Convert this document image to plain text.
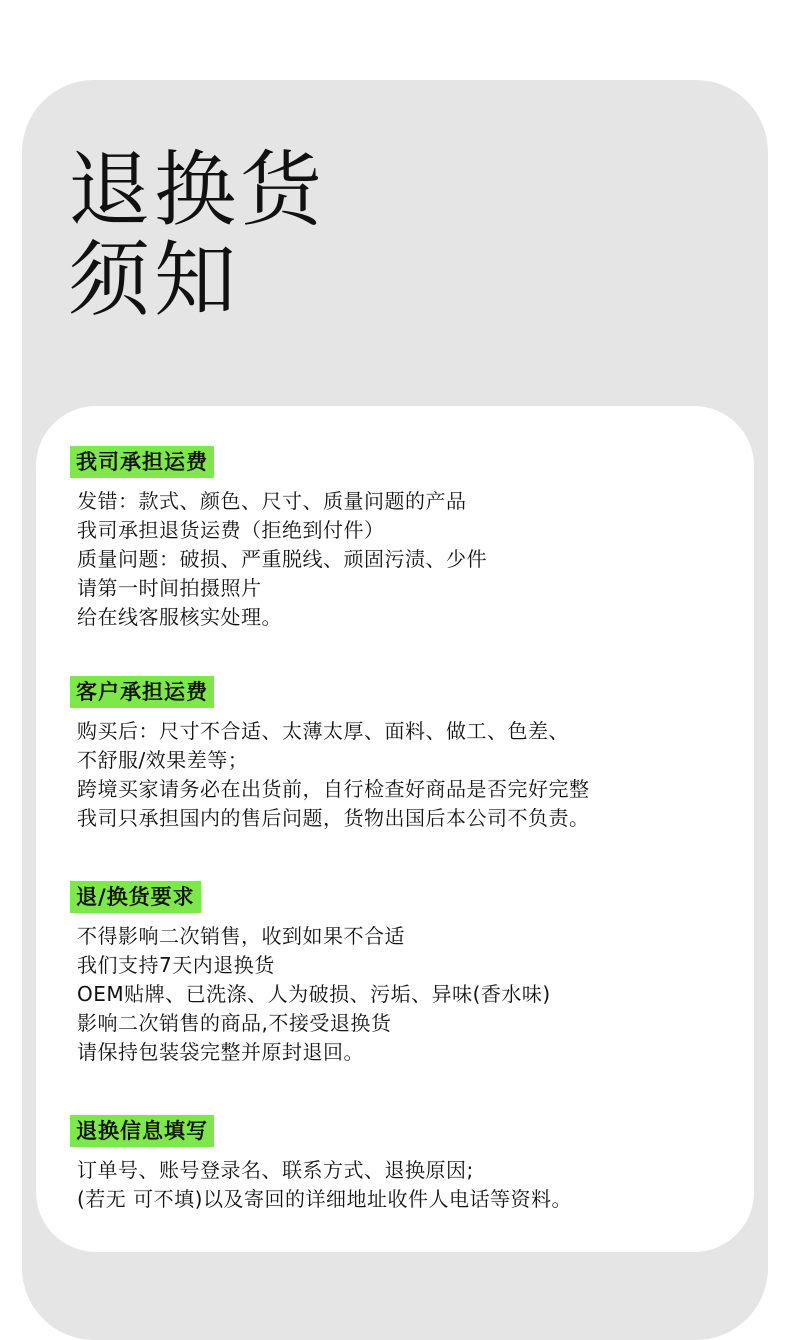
退换货
须知
我司承担运费
发错：款式、颜色、尺寸、质量问题的产品
我司承担退货运费（拒绝到付件）
质量问题：破损、严重脱线、顽固污渍、少件
请第一时间拍摄照片
给在线客服核实处理。
客户承担运费
购买后：尺寸不合适、太薄太厚、面料、做工、色差、
不舒服/效果差等；
跨境买家请务必在出货前，自行检查好商品是否完好完整
我司只承担国内的售后问题，货物出国后本公司不负责。
退/换货要求
不得影响二次销售，收到如果不合适
我们支持7天内退换货
OEM贴牌、已洗涤、人为破损、污垢、异味(香水味)
影响二次销售的商品,不接受退换货
请保持包装袋完整并原封退回。
退换信息填写
订单号、账号登录名、联系方式、退换原因;
(若无 可不填)以及寄回的详细地址收件人电话等资料。
